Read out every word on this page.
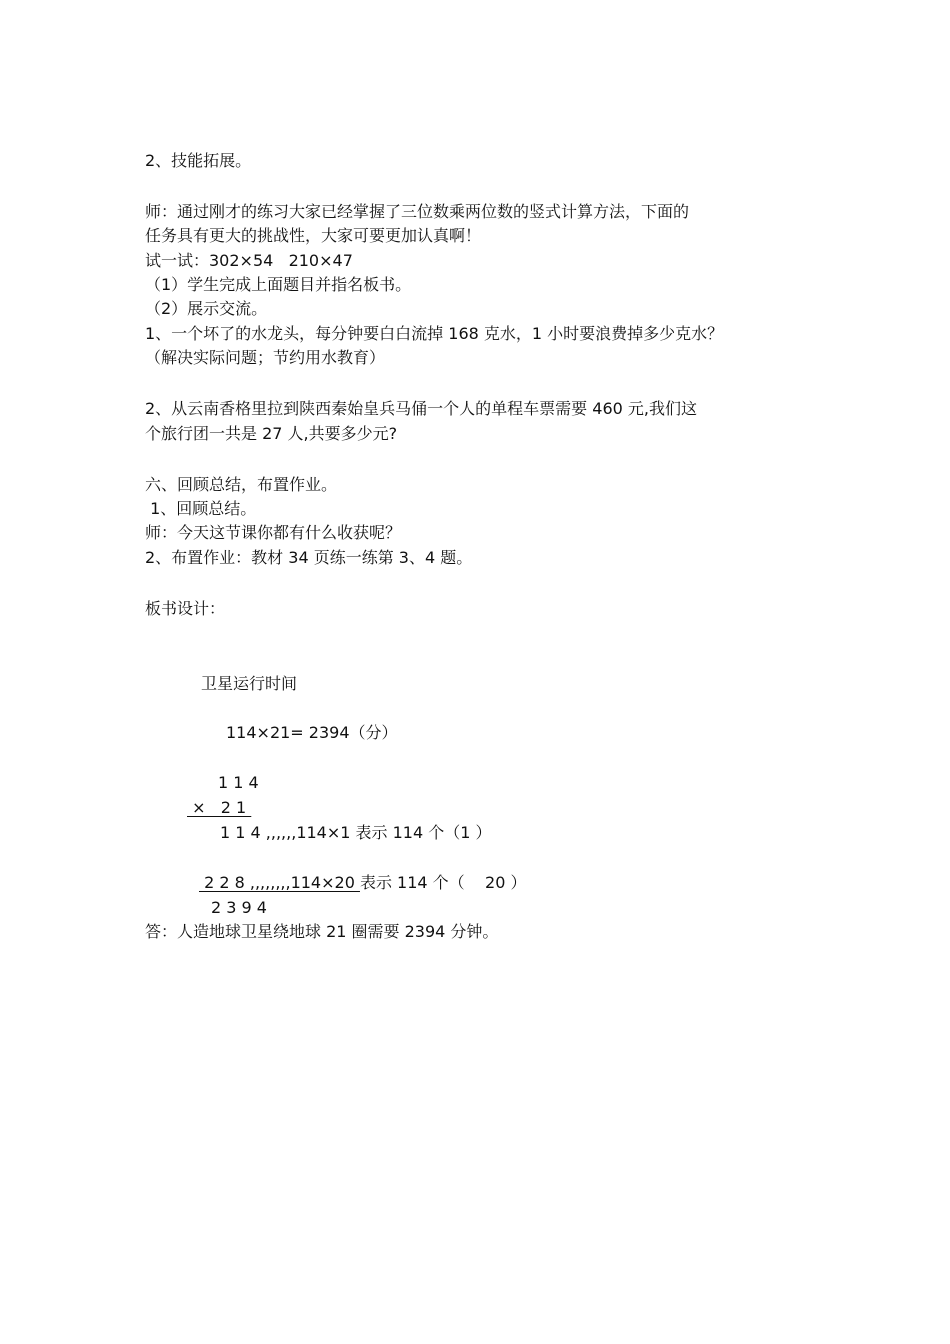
2、技能拓展。
师：通过刚才的练习大家已经掌握了三位数乘两位数的竖式计算方法，下面的
任务具有更大的挑战性，大家可要更加认真啊！
试一试：302×54   210×47
（1）学生完成上面题目并指名板书。
（2）展示交流。
1、一个坏了的水龙头，每分钟要白白流掉 168 克水，1 小时要浪费掉多少克水？
（解决实际问题；节约用水教育）
2、从云南香格里拉到陕西秦始皇兵马俑一个人的单程车票需要 460 元,我们这
个旅行团一共是 27 人,共要多少元?
六、回顾总结，布置作业。
1、回顾总结。
师：今天这节课你都有什么收获呢？
2、布置作业：教材 34 页练一练第 3、4 题。
板书设计：
卫星运行时间
114×21= 2394（分）
1 1 4
×   2 1
1 1 4 ,,,,,,114×1 表示 114 个（1 ）
2 2 8 ,,,,,,,,114×20 表示 114 个（    20 ）
2 3 9 4
答：人造地球卫星绕地球 21 圈需要 2394 分钟。
